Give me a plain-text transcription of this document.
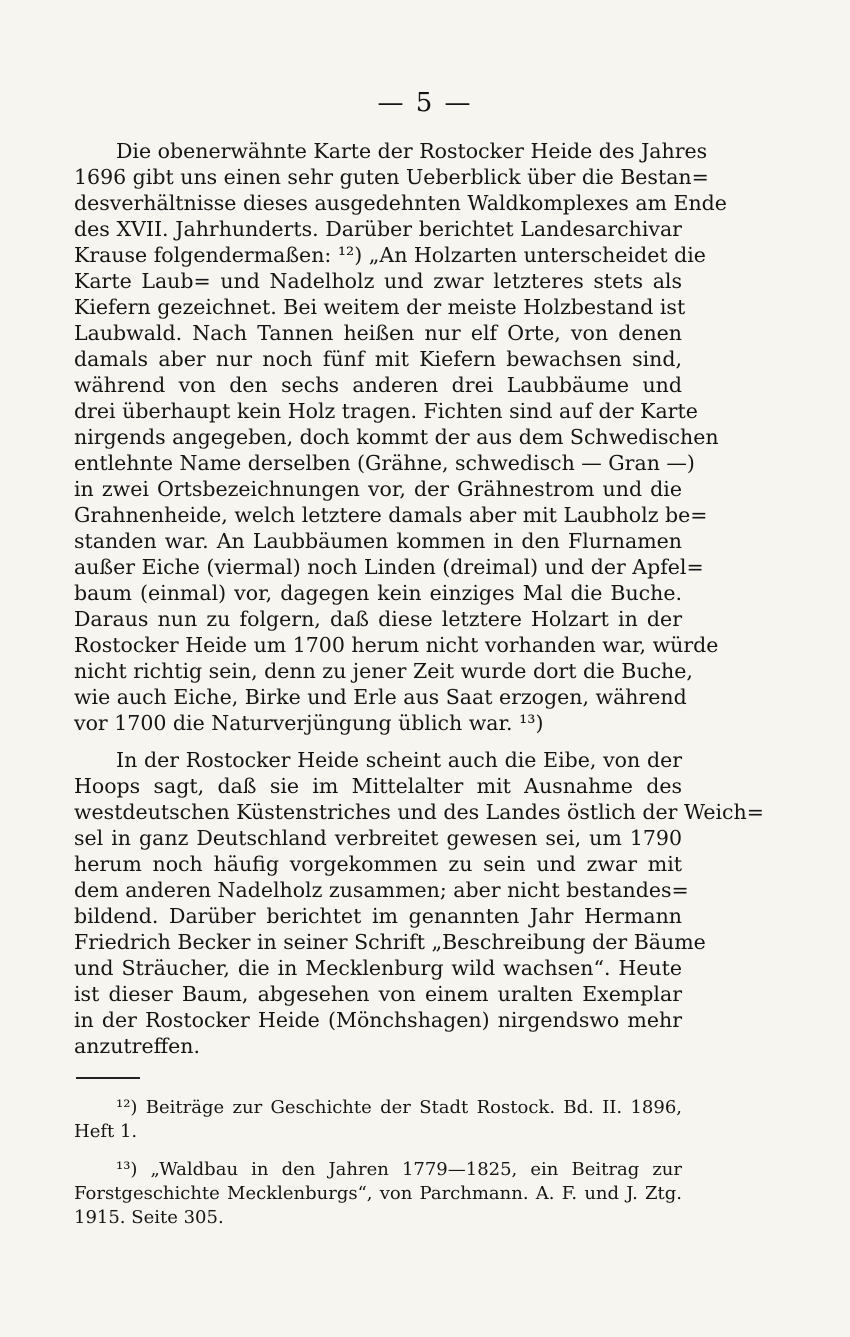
— 5 —
Die obenerwähnte Karte der Rostocker Heide des Jahres
1696 gibt uns einen sehr guten Ueberblick über die Bestan=
desverhältnisse dieses ausgedehnten Waldkomplexes am Ende
des XVII. Jahrhunderts. Darüber berichtet Landesarchivar
Krause folgendermaßen: ¹²) „An Holzarten unterscheidet die
Karte Laub= und Nadelholz und zwar letzteres stets als
Kiefern gezeichnet. Bei weitem der meiste Holzbestand ist
Laubwald. Nach Tannen heißen nur elf Orte, von denen
damals aber nur noch fünf mit Kiefern bewachsen sind,
während von den sechs anderen drei Laubbäume und
drei überhaupt kein Holz tragen. Fichten sind auf der Karte
nirgends angegeben, doch kommt der aus dem Schwedischen
entlehnte Name derselben (Grähne, schwedisch — Gran —)
in zwei Ortsbezeichnungen vor, der Grähnestrom und die
Grahnenheide, welch letztere damals aber mit Laubholz be=
standen war. An Laubbäumen kommen in den Flurnamen
außer Eiche (viermal) noch Linden (dreimal) und der Apfel=
baum (einmal) vor, dagegen kein einziges Mal die Buche.
Daraus nun zu folgern, daß diese letztere Holzart in der
Rostocker Heide um 1700 herum nicht vorhanden war, würde
nicht richtig sein, denn zu jener Zeit wurde dort die Buche,
wie auch Eiche, Birke und Erle aus Saat erzogen, während
vor 1700 die Naturverjüngung üblich war. ¹³)
In der Rostocker Heide scheint auch die Eibe, von der
Hoops sagt, daß sie im Mittelalter mit Ausnahme des
westdeutschen Küstenstriches und des Landes östlich der Weich=
sel in ganz Deutschland verbreitet gewesen sei, um 1790
herum noch häufig vorgekommen zu sein und zwar mit
dem anderen Nadelholz zusammen; aber nicht bestandes=
bildend. Darüber berichtet im genannten Jahr Hermann
Friedrich Becker in seiner Schrift „Beschreibung der Bäume
und Sträucher, die in Mecklenburg wild wachsen“. Heute
ist dieser Baum, abgesehen von einem uralten Exemplar
in der Rostocker Heide (Mönchshagen) nirgendswo mehr
anzutreffen.
¹²) Beiträge zur Geschichte der Stadt Rostock. Bd. II. 1896,
Heft 1.
¹³) „Waldbau in den Jahren 1779—1825, ein Beitrag zur
Forstgeschichte Mecklenburgs“, von Parchmann. A. F. und J. Ztg.
1915. Seite 305.
